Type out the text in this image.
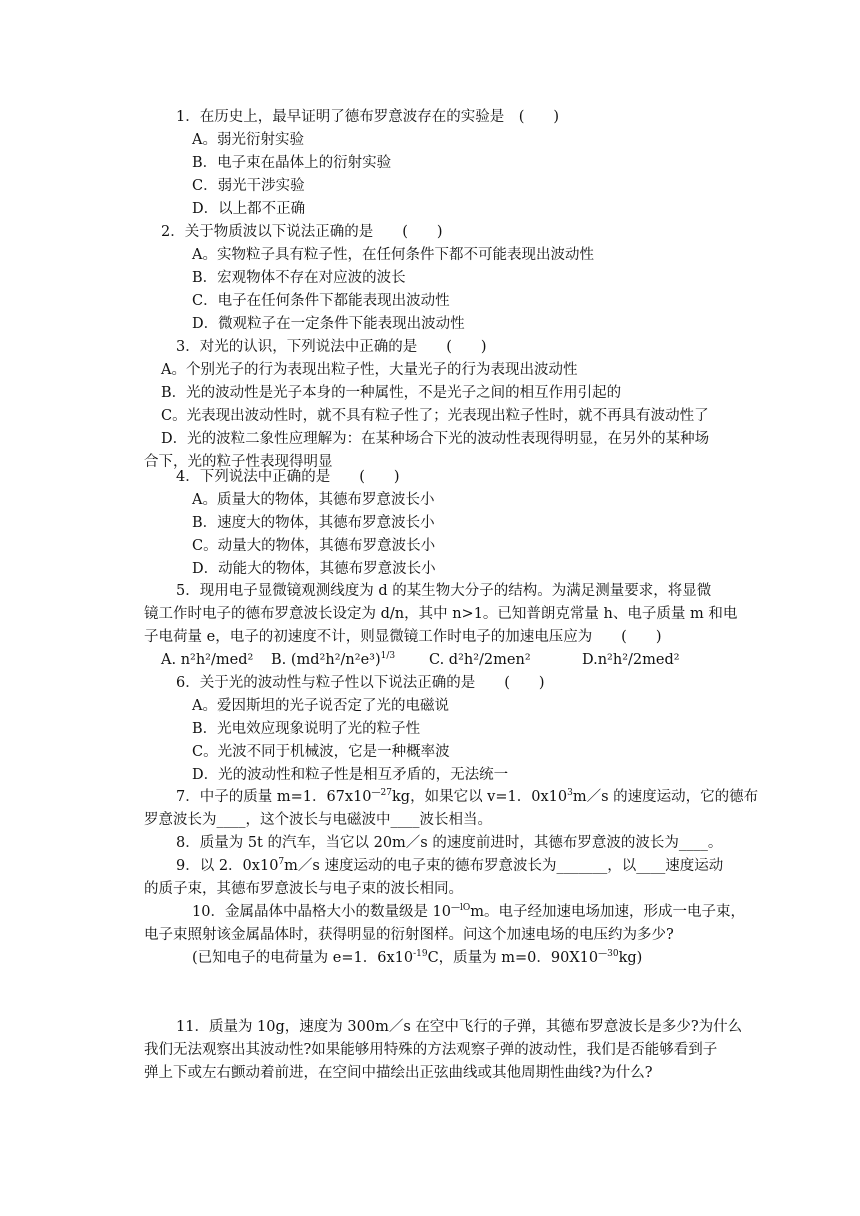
1．在历史上，最早证明了德布罗意波存在的实验是　(　　)
A。弱光衍射实验
B．电子束在晶体上的衍射实验
C．弱光干涉实验
D．以上都不正确
2．关于物质波以下说法正确的是　　(　　)
A。实物粒子具有粒子性，在任何条件下都不可能表现出波动性
B．宏观物体不存在对应波的波长
C．电子在任何条件下都能表现出波动性
D．微观粒子在一定条件下能表现出波动性
3．对光的认识，下列说法中正确的是　　(　　)
A。个别光子的行为表现出粒子性，大量光子的行为表现出波动性
B．光的波动性是光子本身的一种属性，不是光子之间的相互作用引起的
C。光表现出波动性时，就不具有粒子性了；光表现出粒子性时，就不再具有波动性了
D．光的波粒二象性应理解为：在某种场合下光的波动性表现得明显，在另外的某种场
合下，光的粒子性表现得明显
4．下列说法中正确的是　　(　　)
A。质量大的物体，其德布罗意波长小
B．速度大的物体，其德布罗意波长小
C。动量大的物体，其德布罗意波长小
D．动能大的物体，其德布罗意波长小
5．现用电子显微镜观测线度为 d 的某生物大分子的结构。为满足测量要求，将显微
镜工作时电子的德布罗意波长设定为 d/n，其中 n>1。已知普朗克常量 h、电子质量 m 和电
子电荷量 e，电子的初速度不计，则显微镜工作时电子的加速电压应为　　(　　)
A. n²h²/med² B. $(md^2h^2/n^2e^3)^{1/3}$ C. d²h²/2men²	D.n²h²/2med²
6．关于光的波动性与粒子性以下说法正确的是　　(　　)
A。爱因斯坦的光子说否定了光的电磁说
B．光电效应现象说明了光的粒子性
C。光波不同于机械波，它是一种概率波
D．光的波动性和粒子性是相互矛盾的，无法统一
7．中子的质量 m=1．$67x10^{—27}kg$，如果它以 v=1．$0x10^3m/s$ 的速度运动，它的德布
罗意波长为____，这个波长与电磁波中____波长相当。
8．质量为 5t 的汽车，当它以 20m／s 的速度前进时，其德布罗意波的波长为____。
9．以 2．$0x10^7m/s$ 速度运动的电子束的德布罗意波长为_______，以____速度运动
的质子束，其德布罗意波长与电子束的波长相同。
10．金属晶体中晶格大小的数量级是 $10^{—lO}m$。电子经加速电场加速，形成一电子束，
电子束照射该金属晶体时，获得明显的衍射图样。问这个加速电场的电压约为多少?
(已知电子的电荷量为 e=1．$6x10^{-19}C$，质量为 m=0．$90X10^{—30}kg$)
11．质量为 10g，速度为 300m／s 在空中飞行的子弹，其德布罗意波长是多少?为什么
我们无法观察出其波动性?如果能够用特殊的方法观察子弹的波动性，我们是否能够看到子
弹上下或左右颤动着前进，在空间中描绘出正弦曲线或其他周期性曲线?为什么?
